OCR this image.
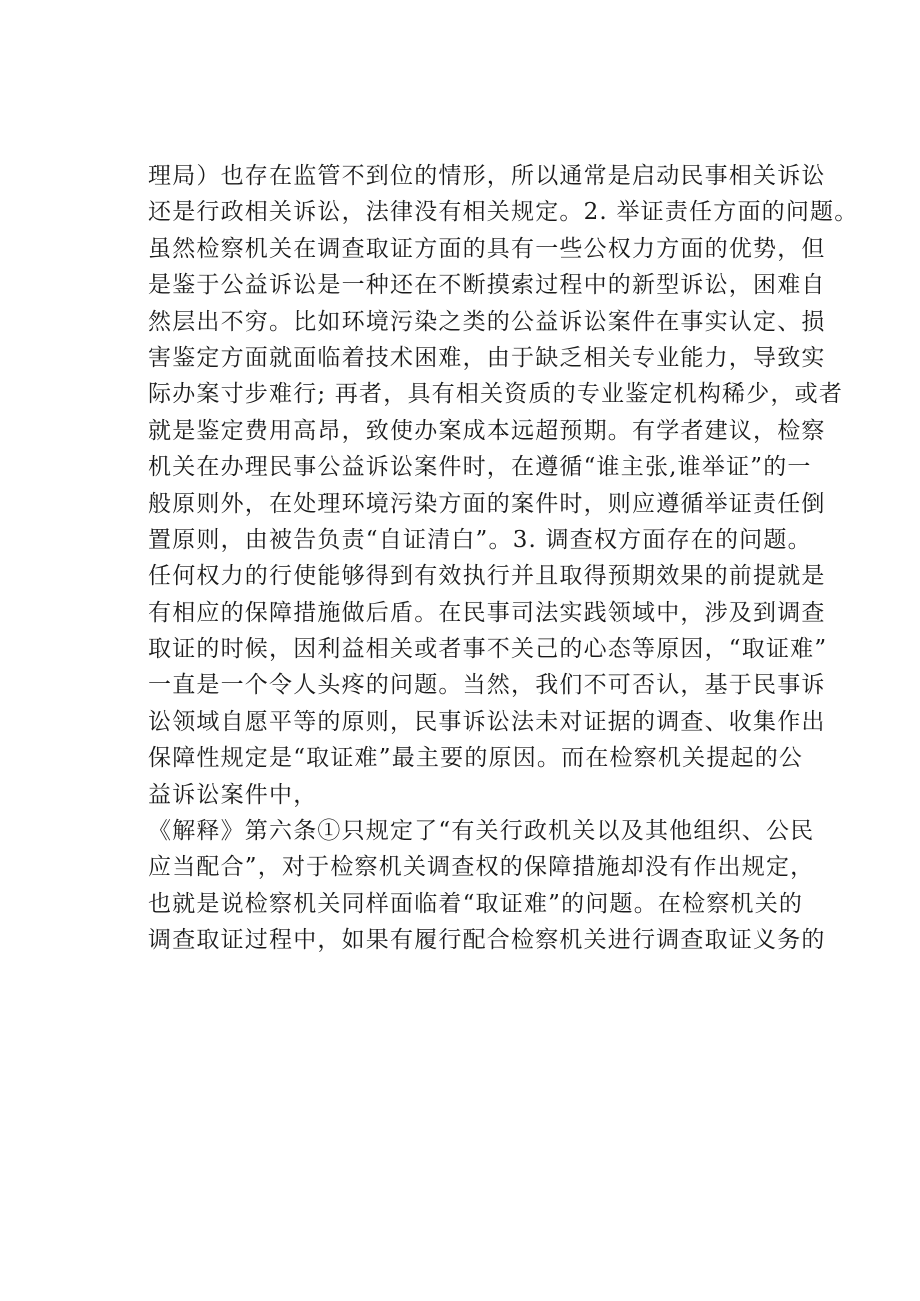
理局）也存在监管不到位的情形，所以通常是启动民事相关诉讼
还是行政相关诉讼，法律没有相关规定。2. 举证责任方面的问题。
虽然检察机关在调查取证方面的具有一些公权力方面的优势，但
是鉴于公益诉讼是一种还在不断摸索过程中的新型诉讼，困难自
然层出不穷。比如环境污染之类的公益诉讼案件在事实认定、损
害鉴定方面就面临着技术困难，由于缺乏相关专业能力，导致实
际办案寸步难行; 再者，具有相关资质的专业鉴定机构稀少，或者
就是鉴定费用高昂，致使办案成本远超预期。有学者建议，检察
机关在办理民事公益诉讼案件时，在遵循“谁主张,谁举证”的一
般原则外，在处理环境污染方面的案件时，则应遵循举证责任倒
置原则，由被告负责“自证清白”。3. 调查权方面存在的问题。
任何权力的行使能够得到有效执行并且取得预期效果的前提就是
有相应的保障措施做后盾。在民事司法实践领域中，涉及到调查
取证的时候，因利益相关或者事不关己的心态等原因，“取证难”
一直是一个令人头疼的问题。当然，我们不可否认，基于民事诉
讼领域自愿平等的原则，民事诉讼法未对证据的调查、收集作出
保障性规定是“取证难”最主要的原因。而在检察机关提起的公
益诉讼案件中，
《解释》第六条①只规定了“有关行政机关以及其他组织、公民
应当配合”，对于检察机关调查权的保障措施却没有作出规定，
也就是说检察机关同样面临着“取证难”的问题。在检察机关的
调查取证过程中，如果有履行配合检察机关进行调查取证义务的
